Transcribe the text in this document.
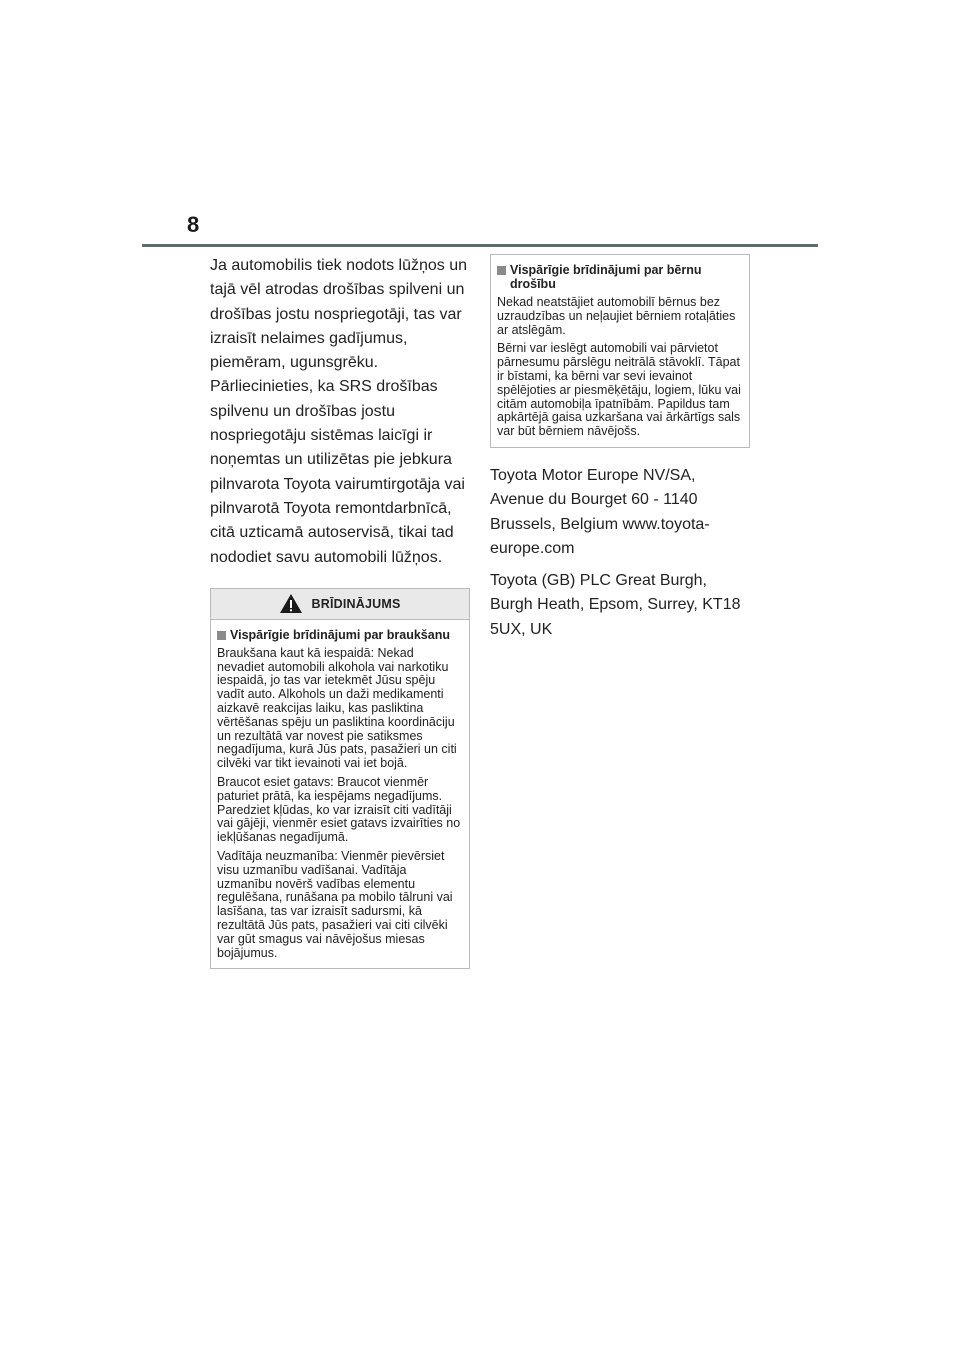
8

Ja automobilis tiek nodots lūžņos un tajā vēl atrodas drošības spilveni un drošības jostu nospriegotāji, tas var izraisīt nelaimes gadījumus, piemēram, ugunsgrēku. Pārliecinieties, ka SRS drošības spilvenu un drošības jostu nospriegotāju sistēmas laicīgi ir noņemtas un utilizētas pie jebkura pilnvarota Toyota vairumtirgotāja vai pilnvarotā Toyota remontdarbnīcā, citā uzticamā autoservisā, tikai tad nododiet savu automobili lūžņos.

BRĪDINĀJUMS
Vispārīgie brīdinājumi par braukšanu

Braukšana kaut kā iespaidā: Nekad nevadiet automobili alkohola vai narkotiku iespaidā, jo tas var ietekmēt Jūsu spēju vadīt auto. Alkohols un daži medikamenti aizkavē reakcijas laiku, kas pasliktina vērtēšanas spēju un pasliktina koordināciju un rezultātā var novest pie satiksmes negadījuma, kurā Jūs pats, pasažieri un citi cilvēki var tikt ievainoti vai iet bojā.

Braucot esiet gatavs: Braucot vienmēr paturiet prātā, ka iespējams negadījums. Paredziet kļūdas, ko var izraisīt citi vadītāji vai gājēji, vienmēr esiet gatavs izvairīties no iekļūšanas negadījumā.

Vadītāja neuzmanība: Vienmēr pievērsiet visu uzmanību vadīšanai. Vadītāja uzmanību novērš vadības elementu regulēšana, runāšana pa mobilo tālruni vai lasīšana, tas var izraisīt sadursmi, kā rezultātā Jūs pats, pasažieri vai citi cilvēki var gūt smagus vai nāvējošus miesas bojājumus.

Vispārīgie brīdinājumi par bērnu drošību

Nekad neatstājiet automobilī bērnus bez uzraudzības un neļaujiet bērniem rotaļāties ar atslēgām.

Bērni var ieslēgt automobili vai pārvietot pārnesumu pārslēgu neitrālā stāvoklī. Tāpat ir bīstami, ka bērni var sevi ievainot spēlējoties ar piesmēķētāju, logiem, lūku vai citām automobiļa īpatnībām. Papildus tam apkārtējā gaisa uzkaršana vai ārkārtīgs sals var būt bērniem nāvējošs.

Toyota Motor Europe NV/SA, Avenue du Bourget 60 - 1140 Brussels, Belgium www.toyota-europe.com

Toyota (GB) PLC Great Burgh, Burgh Heath, Epsom, Surrey, KT18 5UX, UK
